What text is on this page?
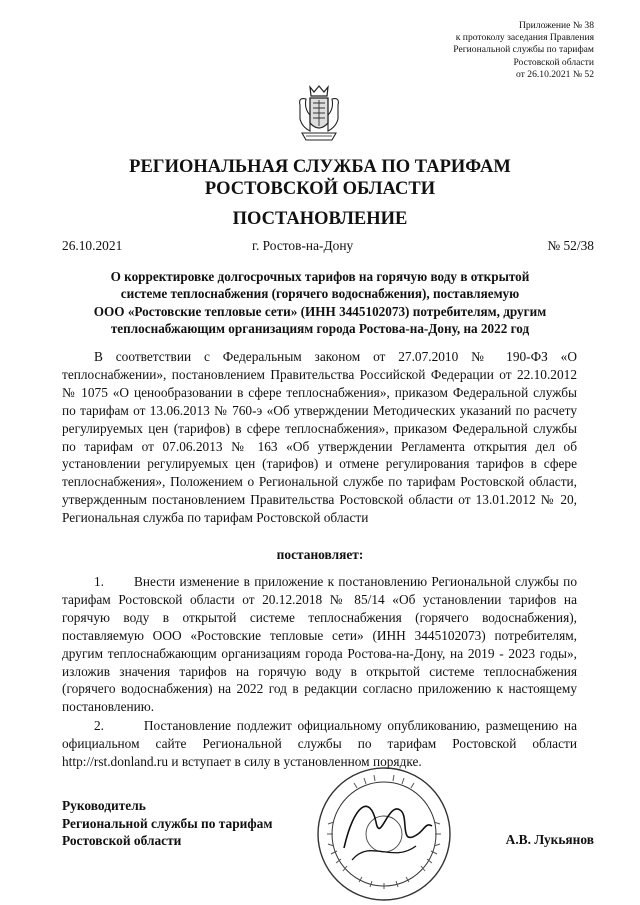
Приложение № 38
к протоколу заседания Правления
Региональной службы по тарифам
Ростовской области
от 26.10.2021 № 52
РЕГИОНАЛЬНАЯ СЛУЖБА ПО ТАРИФАМ
РОСТОВСКОЙ ОБЛАСТИ
ПОСТАНОВЛЕНИЕ
26.10.2021	г. Ростов-на-Дону	№ 52/38
О корректировке долгосрочных тарифов на горячую воду в открытой
системе теплоснабжения (горячего водоснабжения), поставляемую
ООО «Ростовские тепловые сети» (ИНН 3445102073) потребителям, другим
теплоснабжающим организациям города Ростова-на-Дону, на 2022 год

В соответствии с Федеральным законом от 27.07.2010 № 190-ФЗ «О теплоснабжении», постановлением Правительства Российской Федерации от 22.10.2012 № 1075 «О ценообразовании в сфере теплоснабжения», приказом Федеральной службы по тарифам от 13.06.2013 № 760-э «Об утверждении Методических указаний по расчету регулируемых цен (тарифов) в сфере теплоснабжения», приказом Федеральной службы по тарифам от 07.06.2013 № 163 «Об утверждении Регламента открытия дел об установлении регулируемых цен (тарифов) и отмене регулирования тарифов в сфере теплоснабжения», Положением о Региональной службе по тарифам Ростовской области, утвержденным постановлением Правительства Ростовской области от 13.01.2012 № 20, Региональная служба по тарифам Ростовской области

постановляет:

1.       Внести изменение в приложение к постановлению Региональной службы по тарифам Ростовской области от 20.12.2018 № 85/14 «Об установлении тарифов на горячую воду в открытой системе теплоснабжения (горячего водоснабжения), поставляемую ООО «Ростовские тепловые сети» (ИНН 3445102073) потребителям, другим теплоснабжающим организациям города Ростова-на-Дону, на 2019 - 2023 годы», изложив значения тарифов на горячую воду в открытой системе теплоснабжения (горячего водоснабжения) на 2022 год в редакции согласно приложению к настоящему постановлению.

2.       Постановление подлежит официальному опубликованию, размещению на официальном сайте Региональной службы по тарифам Ростовской области http://rst.donland.ru и вступает в силу в установленном порядке.

Руководитель
Региональной службы по тарифам
Ростовской области	А.В. Лукьянов
